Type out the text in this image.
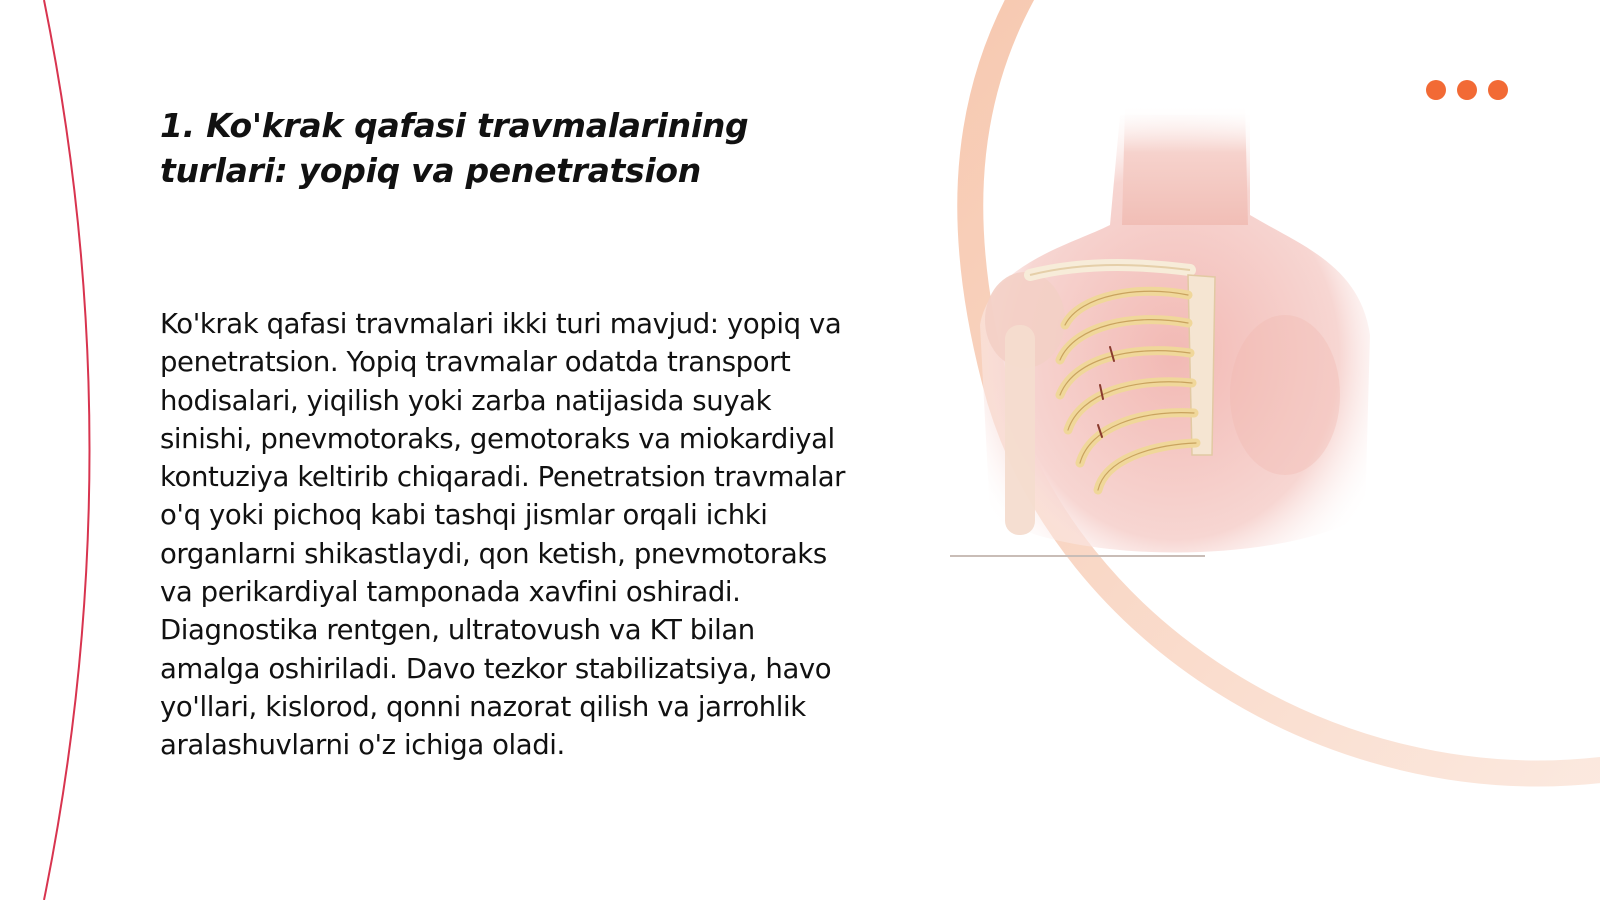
1. Ko'krak qafasi travmalarining turlari: yopiq va penetratsion

Ko'krak qafasi travmalari ikki turi mavjud: yopiq va penetratsion. Yopiq travmalar odatda transport hodisalari, yiqilish yoki zarba natijasida suyak sinishi, pnevmotoraks, gemotoraks va miokardiyal kontuziya keltirib chiqaradi. Penetratsion travmalar o'q yoki pichoq kabi tashqi jismlar orqali ichki organlarni shikastlaydi, qon ketish, pnevmotoraks va perikardiyal tamponada xavfini oshiradi. Diagnostika rentgen, ultratovush va KT bilan amalga oshiriladi. Davo tezkor stabilizatsiya, havo yo'llari, kislorod, qonni nazorat qilish va jarrohlik aralashuvlarni o'z ichiga oladi.
